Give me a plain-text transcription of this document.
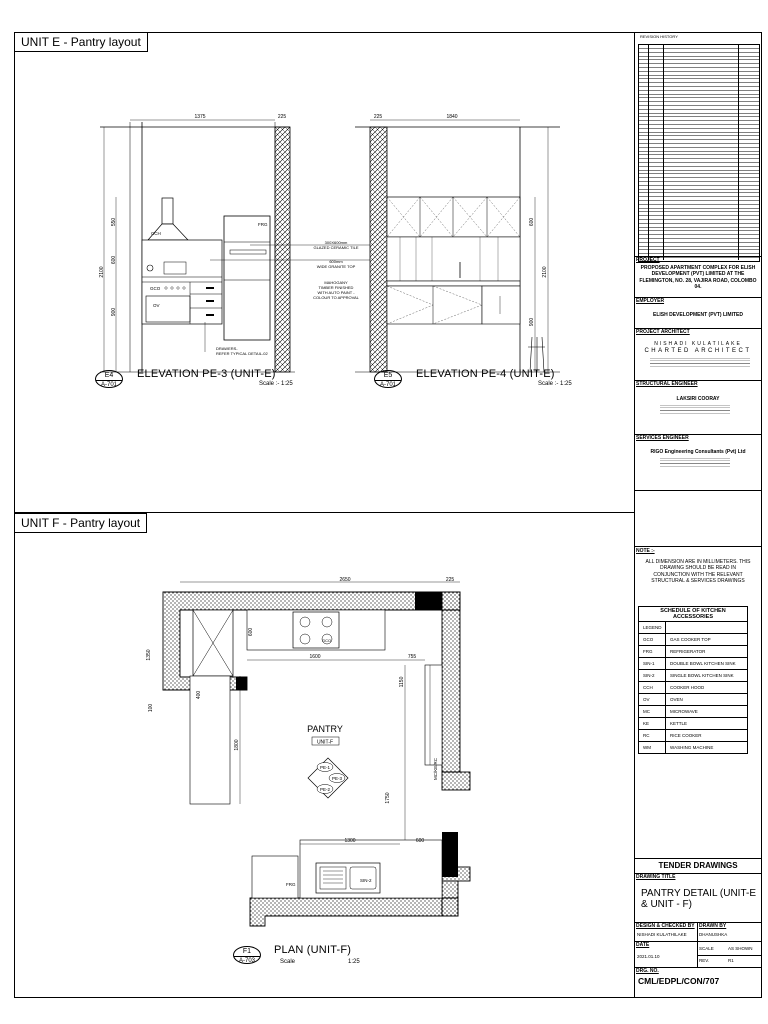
UNIT E - Pantry layout
UNIT F - Pantry layout
1375	225
550
600
900
2100
CCH
OV
GCO
FRG
300X600mm GLAZED CERAMIC TILE
600mm WIDE GRANITE TOP
MAHOGANY TIMBER FINISHED WITH AUTO PAINT -COLOUR TO APPROVAL
DRAWERS-REFER TYPICAL DETAIL-02
225	1840
600
900
2100
E4
A-701
ELEVATION PE-3 (UNIT-E)
Scale :- 1:25
E5
A-701
ELEVATION PE-4 (UNIT-E)
Scale :- 1:25
GCO
MC/KE/RC
SIN-2
FRG
2650	225
1350
100
400
600
1600	755
1150
1750
1800
1300	600
PANTRY
UNIT-F
PE-1
PE-3
PE-2
F1
A-703
PLAN (UNIT-F)
Scale	1:25
REVISION HISTORY
PROJECT
PROPOSED APARTMENT COMPLEX FOR ELISH DEVELOPMENT (PVT) LIMITED AT THE FLEMINGTON, NO. 28, VAJIRA ROAD, COLOMBO 04.
EMPLOYER
ELISH DEVELOPMENT (PVT) LIMITED
PROJECT ARCHITECT
NISHADI KULATILAKE
CHARTED ARCHITECT
STRUCTURAL ENGINEER
LAKSIRI COORAY
SERVICES ENGINEER
RIGO Engineering Consultants (Pvt) Ltd
NOTE :-
ALL DIMENSION ARE IN MILLIMETERS. THIS DRAWING SHOULD BE READ IN CONJUNCTION WITH THE RELEVANT STRUCTURAL & SERVICES DRAWINGS
SCHEDULE OF KITCHEN ACCESSORIES
LEGEND
GCO	GAS COOKER TOP
FRG	REFRIGERATOR
SIN-1	DOUBLE BOWL KITCHEN SINK
SIN-2	SINGLE BOWL KITCHEN SINK
CCH	COOKER HOOD
OV	OVEN
MC	MICROWAVE
KE	KETTLE
RC	RICE COOKER
WM	WASHING MACHINE
TENDER DRAWINGS
DRAWING TITLE
PANTRY DETAIL (UNIT-E & UNIT - F)
DESIGN & CHECKED BY
NISHADI KULATHILAKE
DRAWN BY
DHANUSHKA
DATE
2021.01.10
SCALE	AS SHOWN
REV.	R1
DRG. NO.
CML/EDPL/CON/707
